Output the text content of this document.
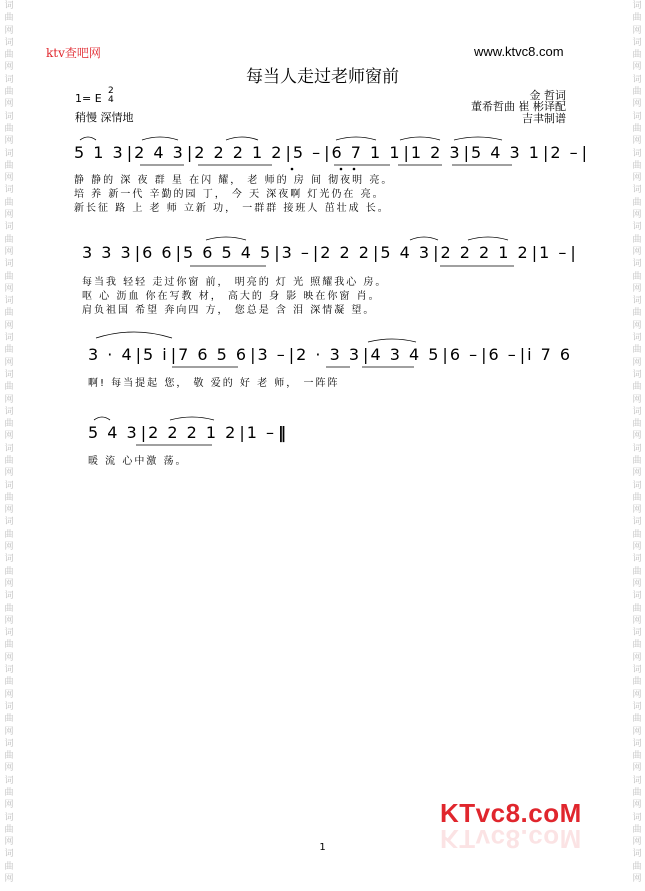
词
曲
网
词
曲
网
词
曲
网
词
曲
网
词
曲
网
词
曲
网
词
曲
网
词
曲
网
词
曲
网
词
曲
网
词
曲
网
词
曲
网
词
曲
网
词
曲
网
词
曲
网
词
曲
网
词
曲
网
词
曲
网
词
曲
网
词
曲
网
词
曲
网
词
曲
网
词
曲
网
词
曲
网
词
曲
网
词
曲
网
词
曲
网
词
曲
网
词
曲
网
词
曲
网
词
曲
网
词
曲
网
词
曲
网
词
曲
网
词
曲
网
词
曲
网
词
曲
网
词
曲
网
词
曲
网
词
曲
网
词
曲
网
词
曲
网
词
曲
网
词
曲
网
词
曲
网
词
曲
网
词
曲
网
词
曲
网
ktv查吧网	www.ktvc8.com
每当人走过老师窗前
1= E
2
4
稍慢 深情地
金 哲词
董希哲曲 崔 彬译配
吉聿制谱
5 1 3 | 2 4 3 | 2 2 2 1 2 | 5 – | 6 7 1 1 | 1 2 3 | 5 4 3 1 | 2 – |
静 静的 深 夜 群 星 在闪 耀， 老 师的 房 间 彻夜明 亮。
培 养 新一代 辛勤的园 丁， 今 天 深夜啊 灯光仍在 亮。
新长征 路 上 老 师 立新 功， 一群群 接班人 茁壮成 长。
3 3 3 | 6 6 | 5 6 5 4 5 | 3 – | 2 2 2 | 5 4 3 | 2 2 2 1 2 | 1 – |
每当我 轻轻 走过你窗 前， 明亮的 灯 光 照耀我心 房。
呕 心 沥血 你在写教 材， 高大的 身 影 映在你窗 肖。
肩负祖国 希望 奔向四 方， 您总是 含 泪 深情凝 望。
3 · 4 | 5 i | 7 6 5 6 | 3 – | 2 · 3 3 | 4 3 4 5 | 6 – | 6 – | i 7 6
啊! 每当提起 您， 敬 爱的 好 老 师， 一阵阵
5 4 3 | 2 2 2 1 2 | 1 – ‖
暖 流 心中激 荡。
KTvc8.coM
KTvc8.coM
1
